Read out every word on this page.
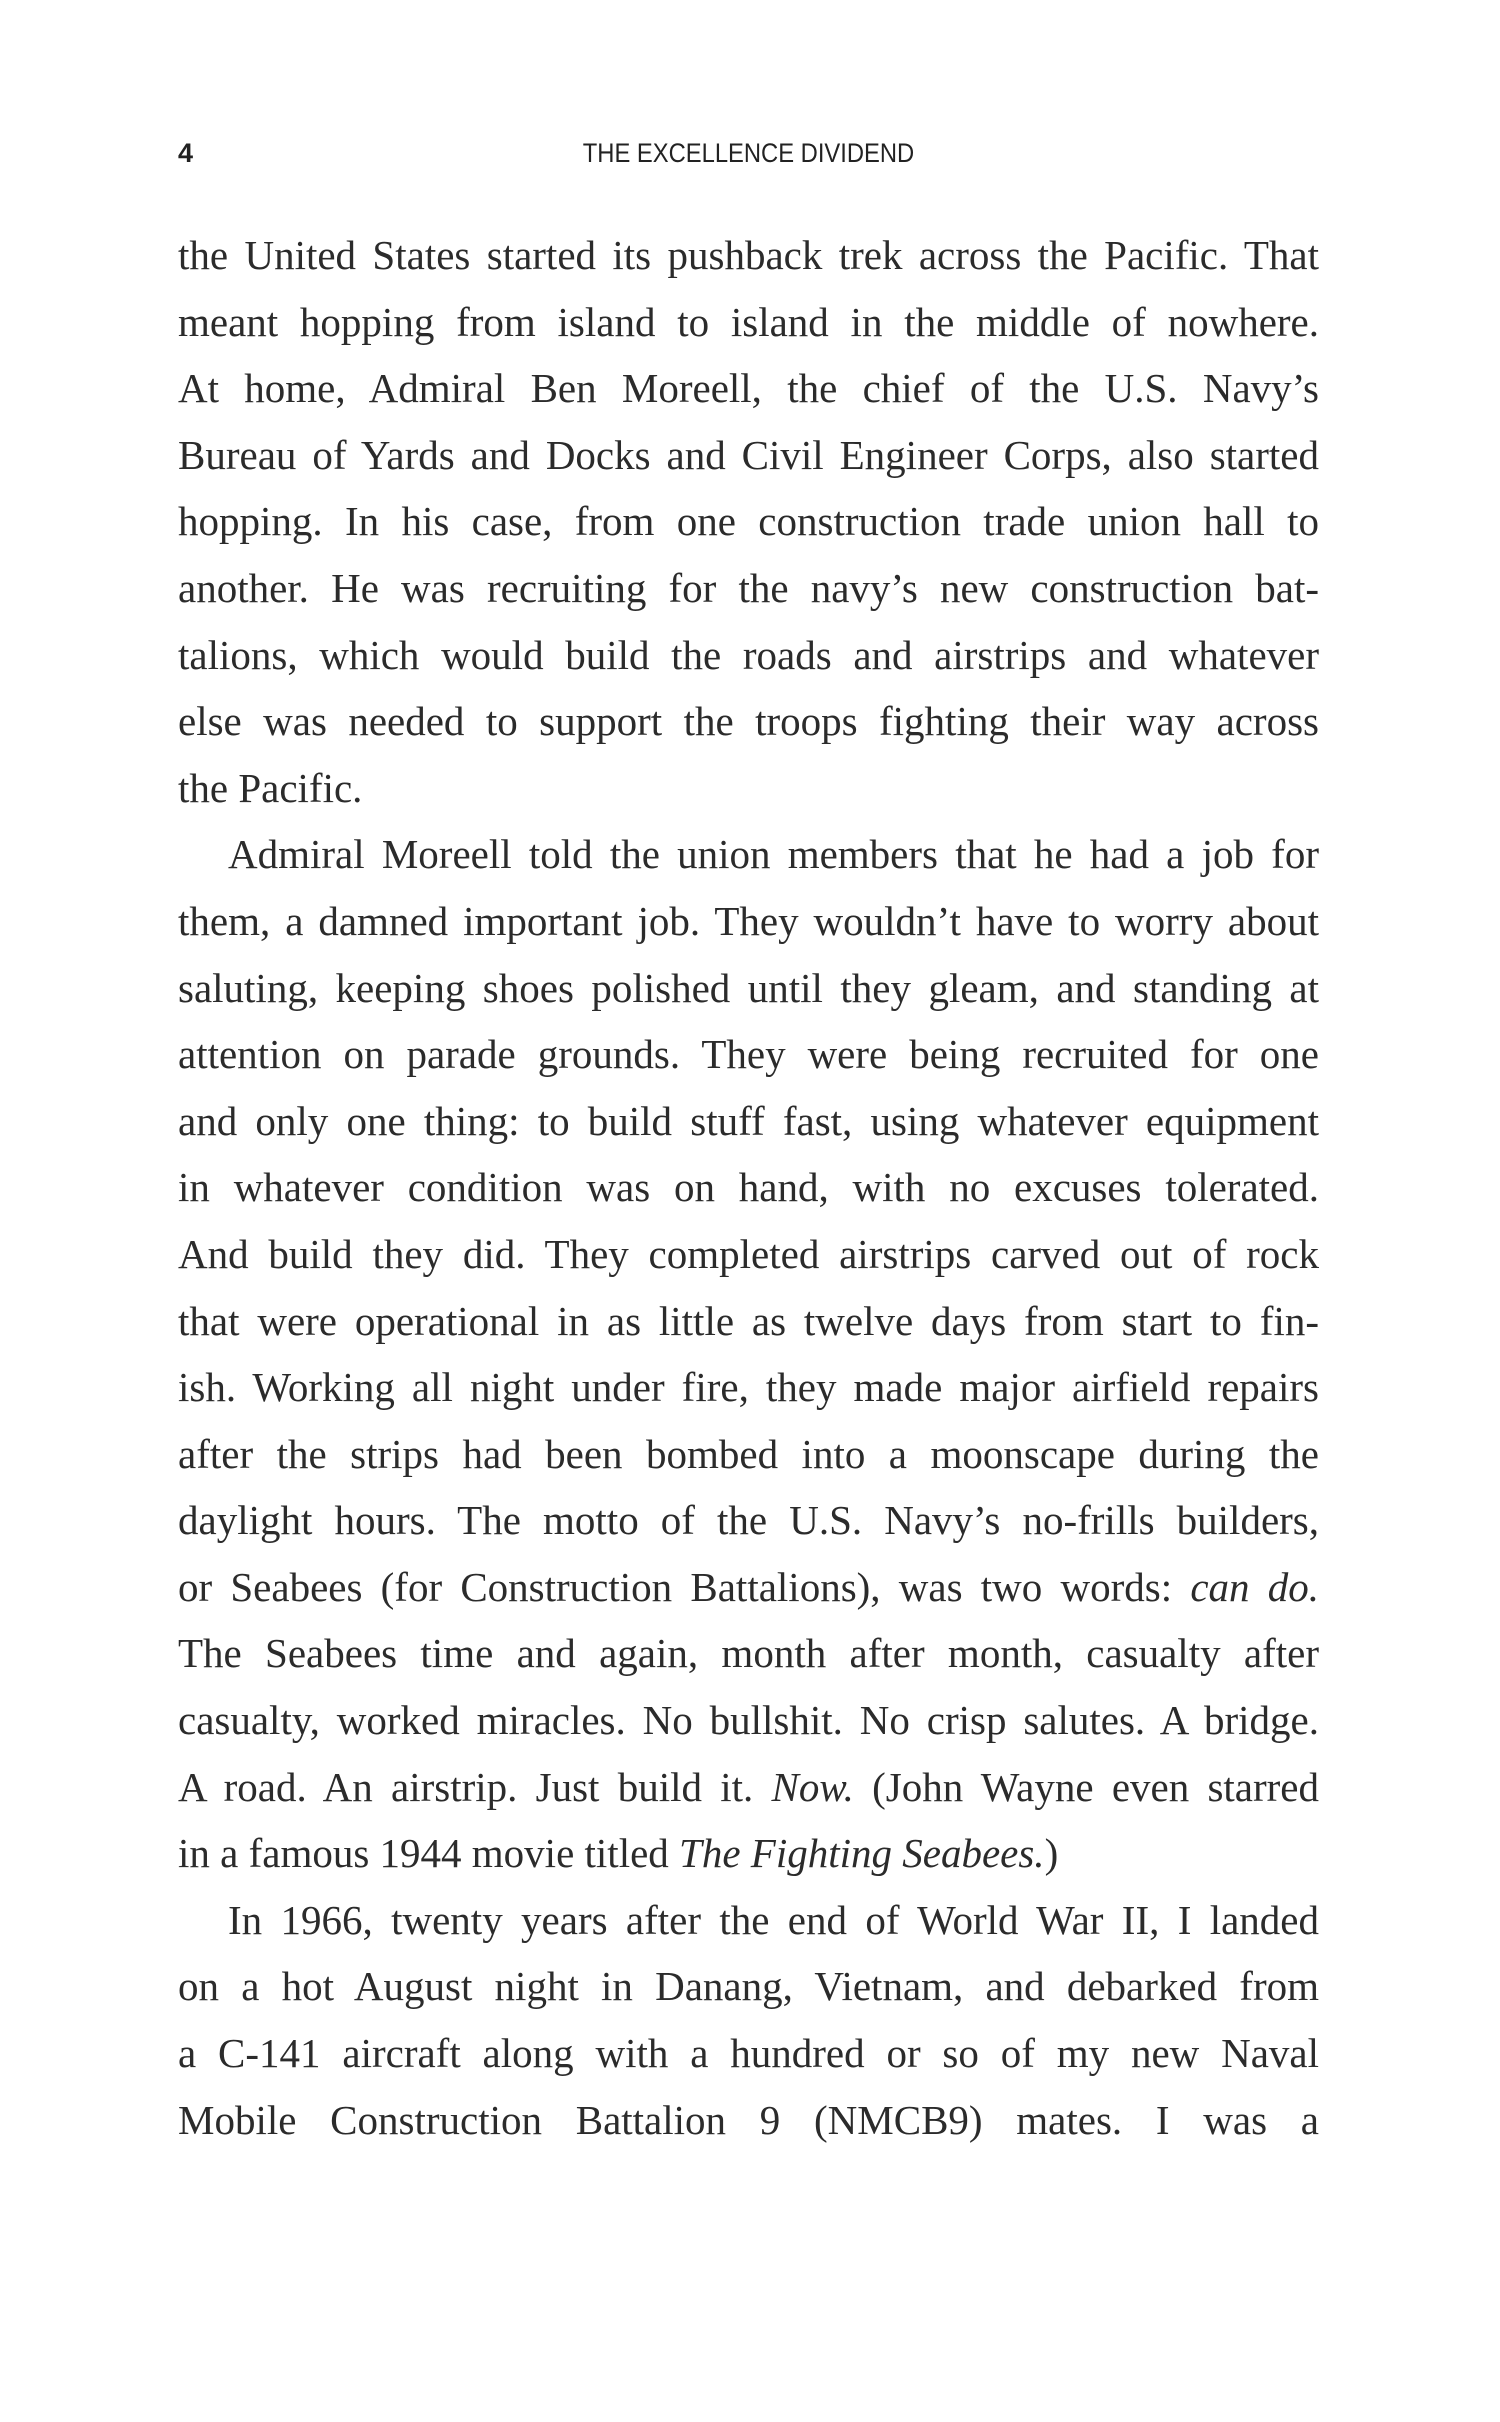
4	THE EXCELLENCE DIVIDEND
the United States started its pushback trek across the Pacific. That
meant hopping from island to island in the middle of nowhere.
At home, Admiral Ben Moreell, the chief of the U.S. Navy’s
Bureau of Yards and Docks and Civil Engineer Corps, also started
hopping. In his case, from one construction trade union hall to
another. He was recruiting for the navy’s new construction bat-
talions, which would build the roads and airstrips and whatever
else was needed to support the troops fighting their way across
the Pacific.
Admiral Moreell told the union members that he had a job for
them, a damned important job. They wouldn’t have to worry about
saluting, keeping shoes polished until they gleam, and standing at
attention on parade grounds. They were being recruited for one
and only one thing: to build stuff fast, using whatever equipment
in whatever condition was on hand, with no excuses tolerated.
And build they did. They completed airstrips carved out of rock
that were operational in as little as twelve days from start to fin-
ish. Working all night under fire, they made major airfield repairs
after the strips had been bombed into a moonscape during the
daylight hours. The motto of the U.S. Navy’s no-frills builders,
or Seabees (for Construction Battalions), was two words: can do.
The Seabees time and again, month after month, casualty after
casualty, worked miracles. No bullshit. No crisp salutes. A bridge.
A road. An airstrip. Just build it. Now. (John Wayne even starred
in a famous 1944 movie titled The Fighting Seabees.)
In 1966, twenty years after the end of World War II, I landed
on a hot August night in Danang, Vietnam, and debarked from
a C-141 aircraft along with a hundred or so of my new Naval
Mobile Construction Battalion 9 (NMCB9) mates. I was a
